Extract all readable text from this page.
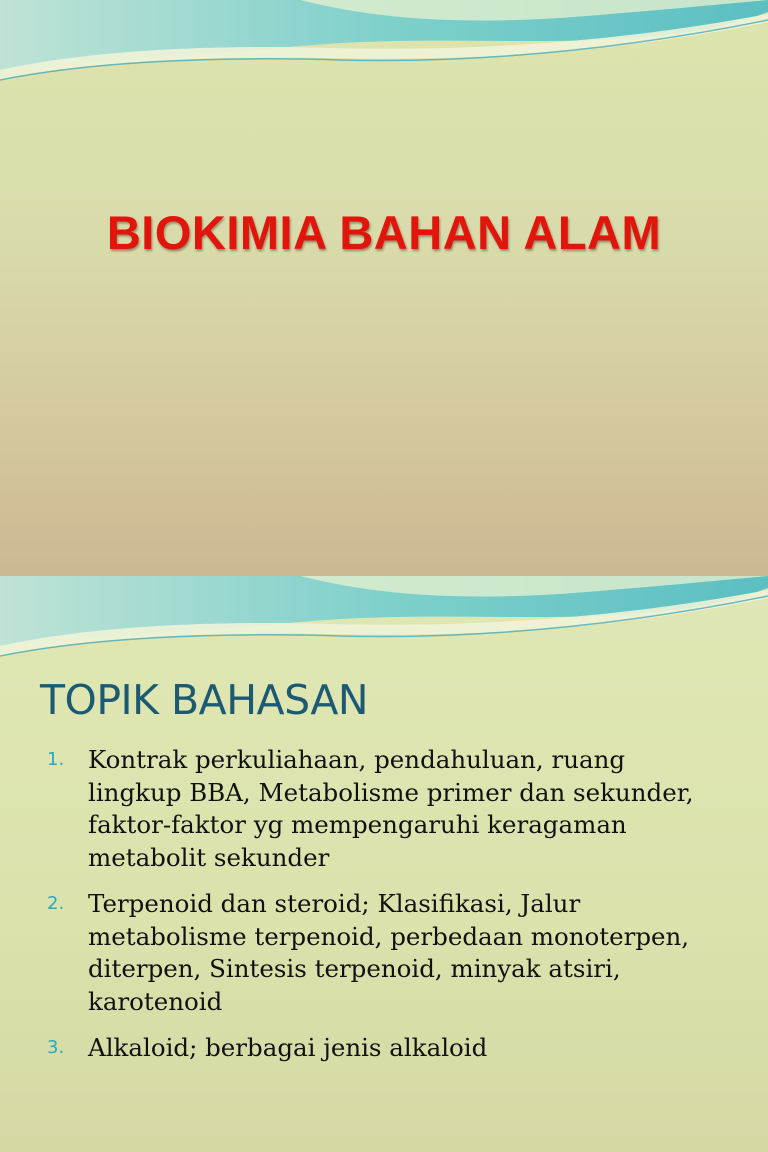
BIOKIMIA BAHAN ALAM
TOPIK BAHASAN
1. Kontrak perkuliahaan, pendahuluan, ruang lingkup BBA, Metabolisme primer dan sekunder, faktor-faktor yg mempengaruhi keragaman metabolit sekunder
2. Terpenoid dan steroid; Klasifikasi, Jalur metabolisme terpenoid, perbedaan monoterpen, diterpen, Sintesis terpenoid, minyak atsiri, karotenoid
3. Alkaloid; berbagai jenis alkaloid
